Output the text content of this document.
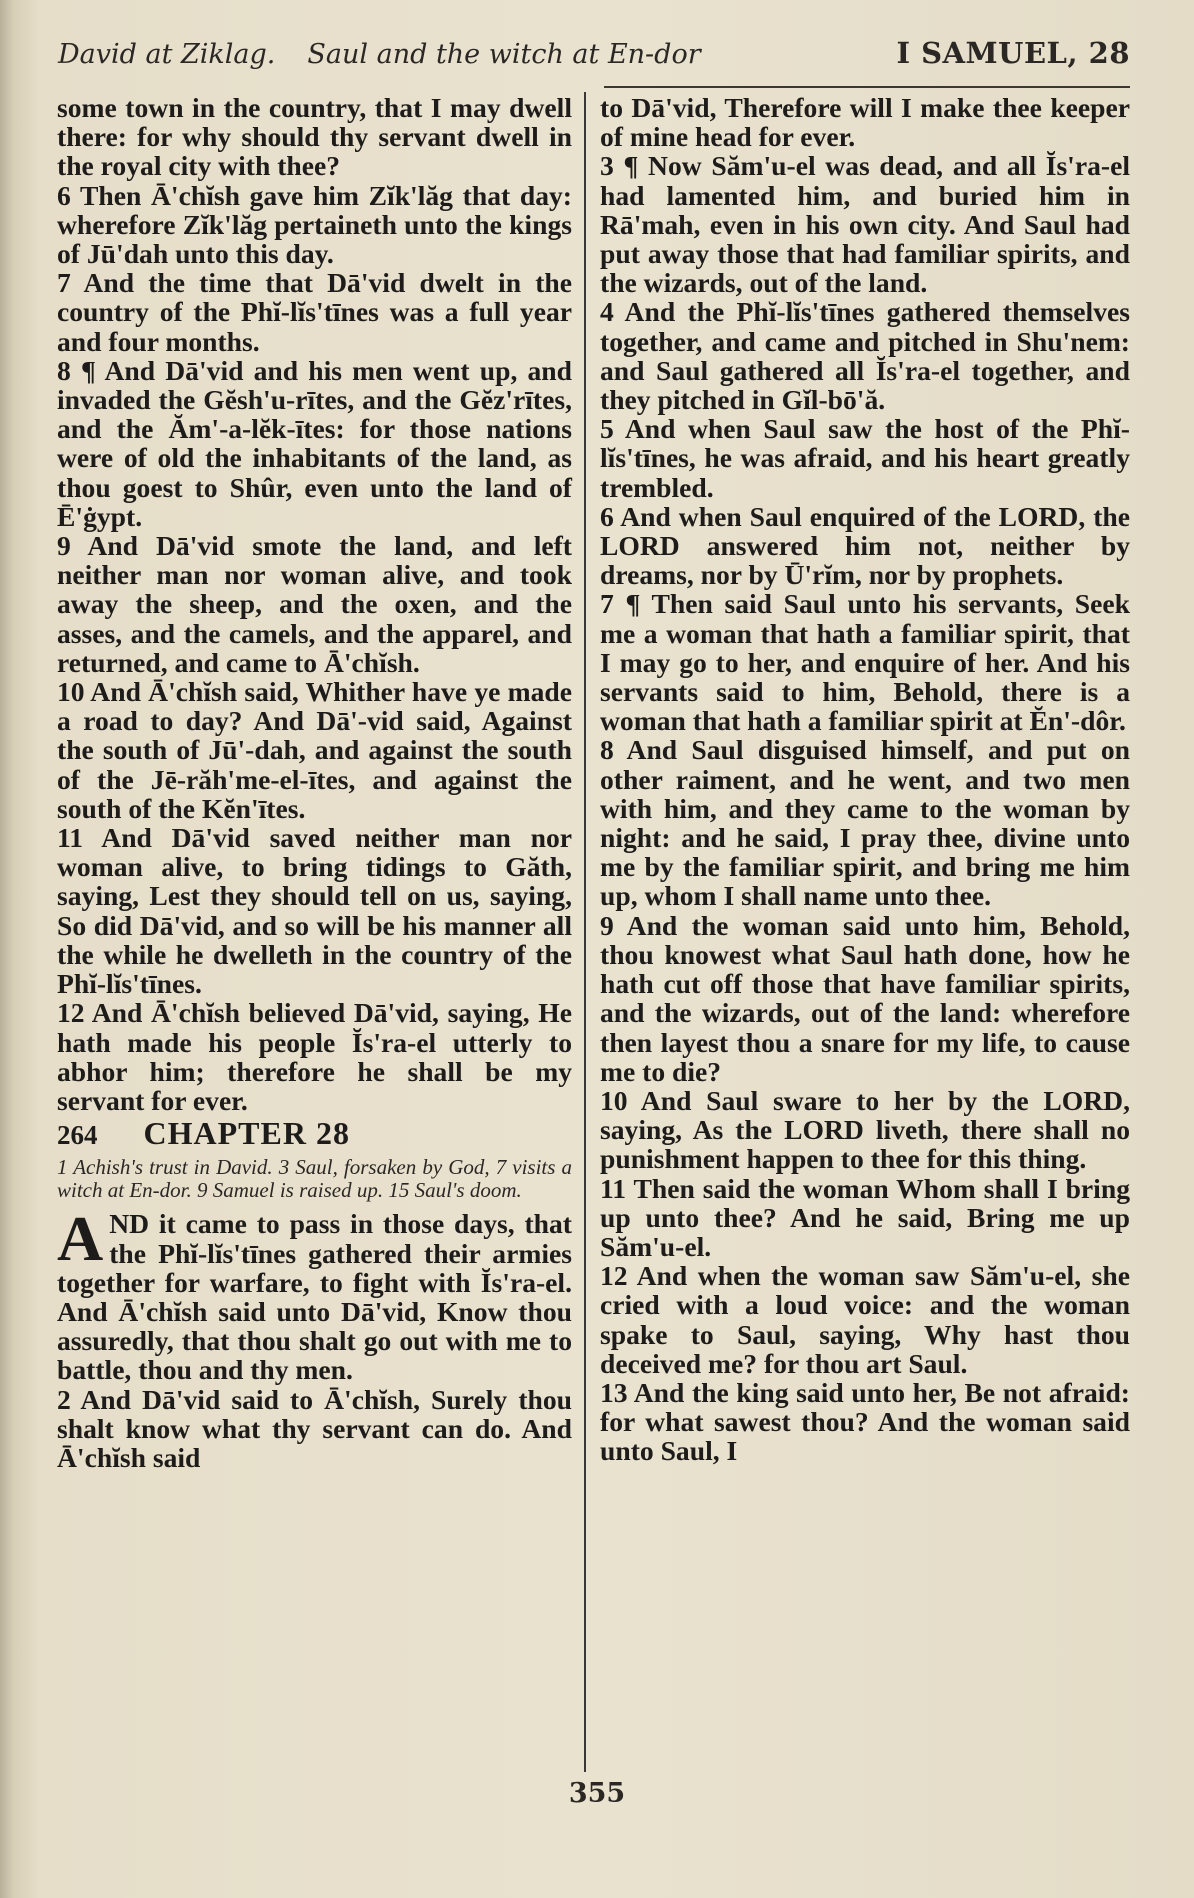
David at Ziklag. Saul and the witch at En-dor	I SAMUEL, 28

some town in the country, that I may dwell there: for why should thy servant dwell in the royal city with thee?

6 Then Ā'chĭsh gave him Zĭk'lăg that day: wherefore Zĭk'lăg pertaineth unto the kings of Jū'dah unto this day.

7 And the time that Dā'vid dwelt in the country of the Phĭ-lĭs'tīnes was a full year and four months.

8 ¶ And Dā'vid and his men went up, and invaded the Gĕsh'u-rītes, and the Gĕz'rītes, and the Ăm'-a-lĕk-ītes: for those nations were of old the inhabitants of the land, as thou goest to Shûr, even unto the land of Ē'ġypt.

9 And Dā'vid smote the land, and left neither man nor woman alive, and took away the sheep, and the oxen, and the asses, and the camels, and the apparel, and returned, and came to Ā'chĭsh.

10 And Ā'chĭsh said, Whither have ye made a road to day? And Dā'-vid said, Against the south of Jū'-dah, and against the south of the Jē-răh'me-el-ītes, and against the south of the Kĕn'ītes.

11 And Dā'vid saved neither man nor woman alive, to bring tidings to Găth, saying, Lest they should tell on us, saying, So did Dā'vid, and so will be his manner all the while he dwelleth in the country of the Phĭ-lĭs'tīnes.

12 And Ā'chĭsh believed Dā'vid, saying, He hath made his people Ĭs'ra-el utterly to abhor him; therefore he shall be my servant for ever.

264 CHAPTER 28

1 Achish's trust in David. 3 Saul, forsaken by God, 7 visits a witch at En-dor. 9 Samuel is raised up. 15 Saul's doom.

AND it came to pass in those days, that the Phĭ-lĭs'tīnes gathered their armies together for warfare, to fight with Ĭs'ra-el. And Ā'chĭsh said unto Dā'vid, Know thou assuredly, that thou shalt go out with me to battle, thou and thy men.

2 And Dā'vid said to Ā'chĭsh, Surely thou shalt know what thy servant can do. And Ā'chĭsh said

to Dā'vid, Therefore will I make thee keeper of mine head for ever.

3 ¶ Now Săm'u-el was dead, and all Ĭs'ra-el had lamented him, and buried him in Rā'mah, even in his own city. And Saul had put away those that had familiar spirits, and the wizards, out of the land.

4 And the Phĭ-lĭs'tīnes gathered themselves together, and came and pitched in Shu'nem: and Saul gathered all Ĭs'ra-el together, and they pitched in Gĭl-bō'ă.

5 And when Saul saw the host of the Phĭ-lĭs'tīnes, he was afraid, and his heart greatly trembled.

6 And when Saul enquired of the LORD, the LORD answered him not, neither by dreams, nor by Ū'rĭm, nor by prophets.

7 ¶ Then said Saul unto his servants, Seek me a woman that hath a familiar spirit, that I may go to her, and enquire of her. And his servants said to him, Behold, there is a woman that hath a familiar spirit at Ĕn'-dôr.

8 And Saul disguised himself, and put on other raiment, and he went, and two men with him, and they came to the woman by night: and he said, I pray thee, divine unto me by the familiar spirit, and bring me him up, whom I shall name unto thee.

9 And the woman said unto him, Behold, thou knowest what Saul hath done, how he hath cut off those that have familiar spirits, and the wizards, out of the land: wherefore then layest thou a snare for my life, to cause me to die?

10 And Saul sware to her by the LORD, saying, As the LORD liveth, there shall no punishment happen to thee for this thing.

11 Then said the woman Whom shall I bring up unto thee? And he said, Bring me up Săm'u-el.

12 And when the woman saw Săm'u-el, she cried with a loud voice: and the woman spake to Saul, saying, Why hast thou deceived me? for thou art Saul.

13 And the king said unto her, Be not afraid: for what sawest thou? And the woman said unto Saul, I

355
